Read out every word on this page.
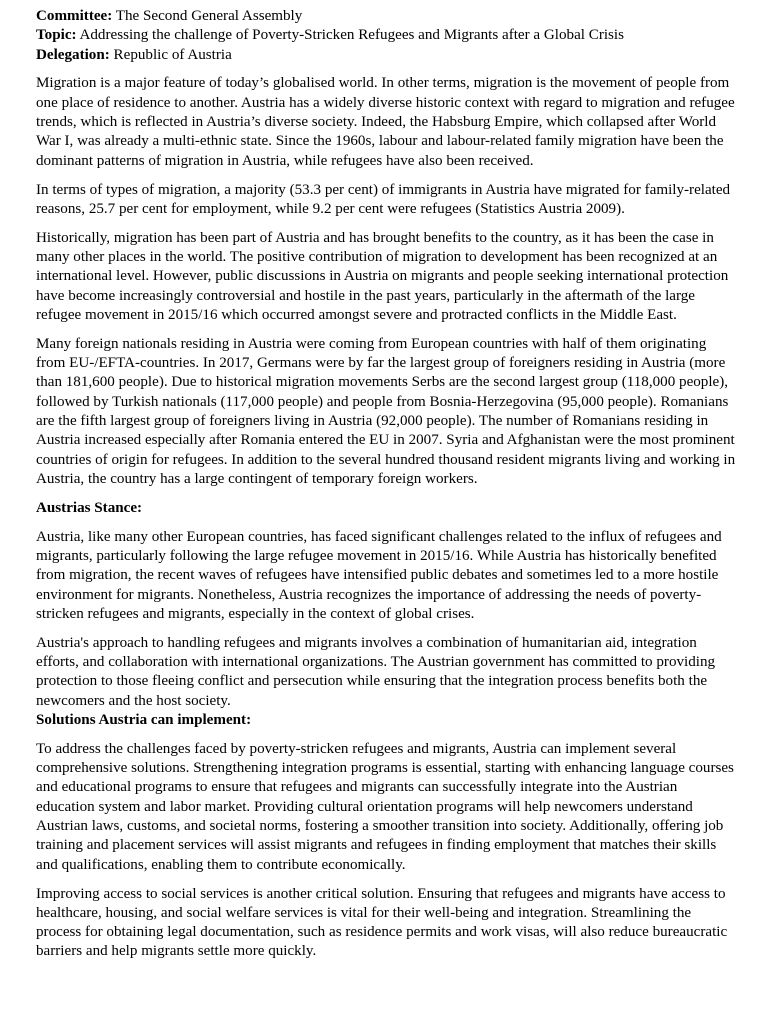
Committee: The Second General Assembly
Topic: Addressing the challenge of Poverty-Stricken Refugees and Migrants after a Global Crisis
Delegation: Republic of Austria

Migration is a major feature of today’s globalised world. In other terms, migration is the movement of people from one place of residence to another. Austria has a widely diverse historic context with regard to migration and refugee trends, which is reflected in Austria’s diverse society. Indeed, the Habsburg Empire, which collapsed after World War I, was already a multi-ethnic state. Since the 1960s, labour and labour-related family migration have been the dominant patterns of migration in Austria, while refugees have also been received.

In terms of types of migration, a majority (53.3 per cent) of immigrants in Austria have migrated for family-related reasons, 25.7 per cent for employment, while 9.2 per cent were refugees (Statistics Austria 2009).

Historically, migration has been part of Austria and has brought benefits to the country, as it has been the case in many other places in the world. The positive contribution of migration to development has been recognized at an international level. However, public discussions in Austria on migrants and people seeking international protection have become increasingly controversial and hostile in the past years, particularly in the aftermath of the large refugee movement in 2015/16 which occurred amongst severe and protracted conflicts in the Middle East.

Many foreign nationals residing in Austria were coming from European countries with half of them originating from EU-/EFTA-countries. In 2017, Germans were by far the largest group of foreigners residing in Austria (more than 181,600 people). Due to historical migration movements Serbs are the second largest group (118,000 people), followed by Turkish nationals (117,000 people) and people from Bosnia-Herzegovina (95,000 people). Romanians are the fifth largest group of foreigners living in Austria (92,000 people). The number of Romanians residing in Austria increased especially after Romania entered the EU in 2007. Syria and Afghanistan were the most prominent countries of origin for refugees. In addition to the several hundred thousand resident migrants living and working in Austria, the country has a large contingent of temporary foreign workers.

Austrias Stance:

Austria, like many other European countries, has faced significant challenges related to the influx of refugees and migrants, particularly following the large refugee movement in 2015/16. While Austria has historically benefited from migration, the recent waves of refugees have intensified public debates and sometimes led to a more hostile environment for migrants. Nonetheless, Austria recognizes the importance of addressing the needs of poverty-stricken refugees and migrants, especially in the context of global crises.

Austria's approach to handling refugees and migrants involves a combination of humanitarian aid, integration efforts, and collaboration with international organizations. The Austrian government has committed to providing protection to those fleeing conflict and persecution while ensuring that the integration process benefits both the newcomers and the host society.

Solutions Austria can implement:

To address the challenges faced by poverty-stricken refugees and migrants, Austria can implement several comprehensive solutions. Strengthening integration programs is essential, starting with enhancing language courses and educational programs to ensure that refugees and migrants can successfully integrate into the Austrian education system and labor market. Providing cultural orientation programs will help newcomers understand Austrian laws, customs, and societal norms, fostering a smoother transition into society. Additionally, offering job training and placement services will assist migrants and refugees in finding employment that matches their skills and qualifications, enabling them to contribute economically.

Improving access to social services is another critical solution. Ensuring that refugees and migrants have access to healthcare, housing, and social welfare services is vital for their well-being and integration. Streamlining the process for obtaining legal documentation, such as residence permits and work visas, will also reduce bureaucratic barriers and help migrants settle more quickly.
